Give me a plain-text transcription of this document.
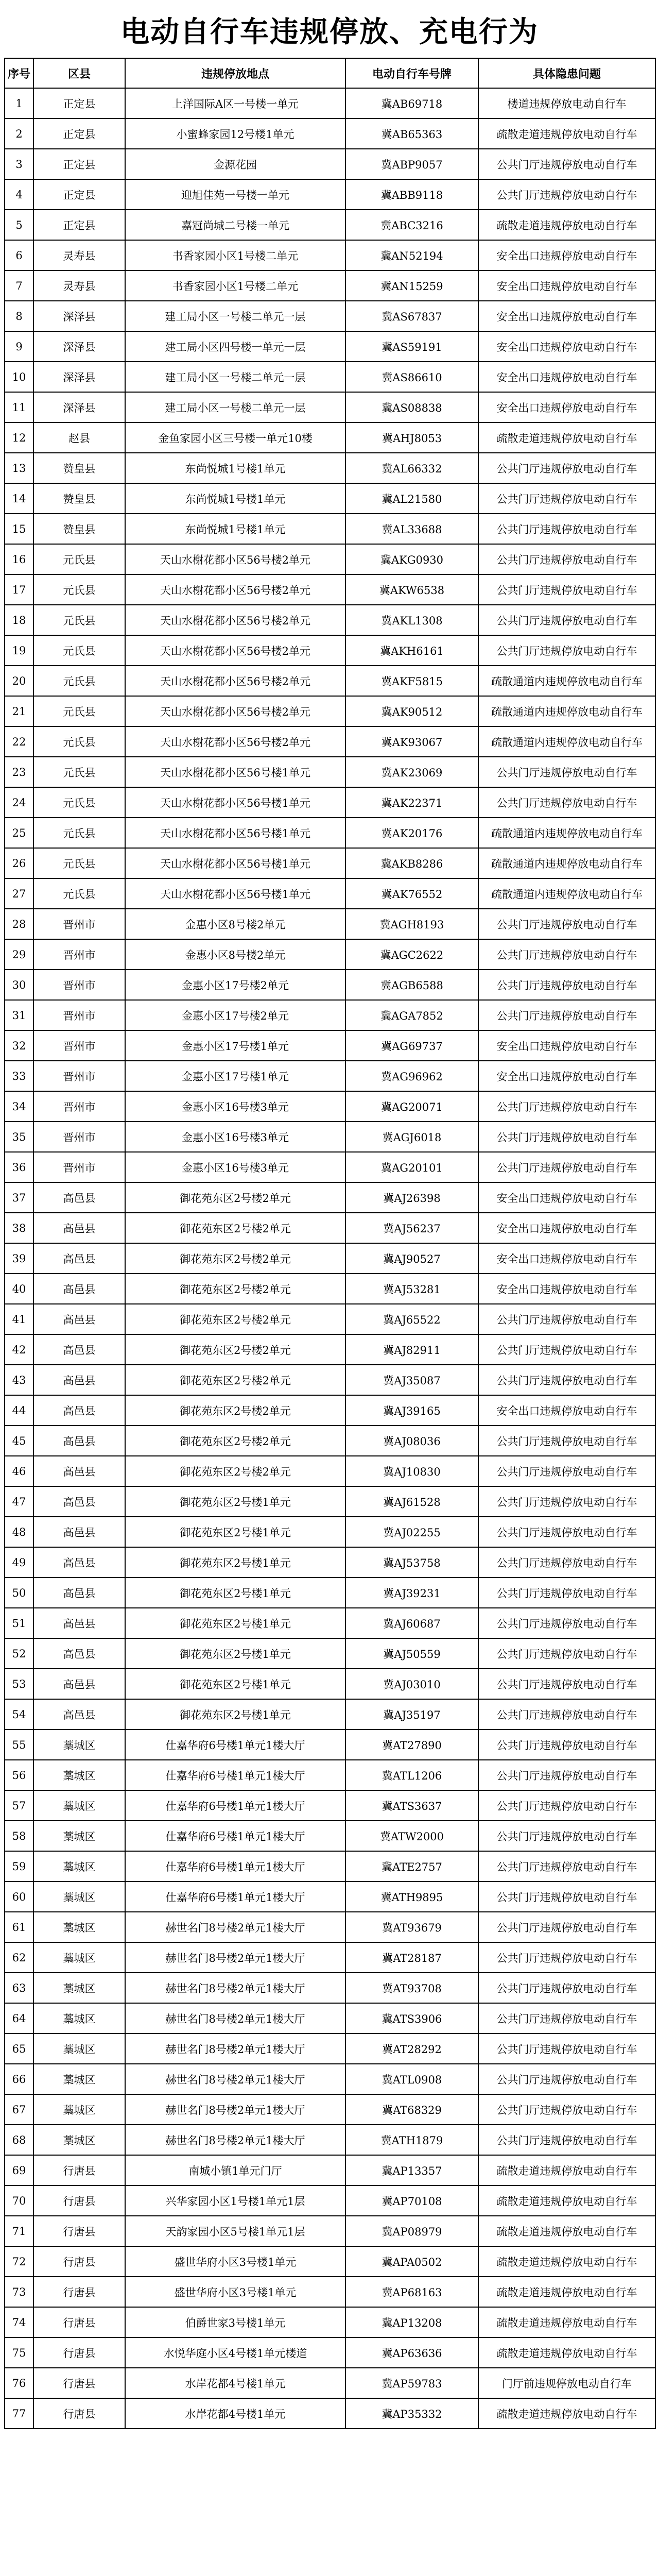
电动自行车违规停放、充电行为
序号	区县	违规停放地点	电动自行车号牌	具体隐患问题
1	正定县	上洋国际A区一号楼一单元	冀AB69718	楼道违规停放电动自行车
2	正定县	小蜜蜂家园12号楼1单元	冀AB65363	疏散走道违规停放电动自行车
3	正定县	金源花园	冀ABP9057	公共门厅违规停放电动自行车
4	正定县	迎旭佳苑一号楼一单元	冀ABB9118	公共门厅违规停放电动自行车
5	正定县	嘉冠尚城二号楼一单元	冀ABC3216	疏散走道违规停放电动自行车
6	灵寿县	书香家园小区1号楼二单元	冀AN52194	安全出口违规停放电动自行车
7	灵寿县	书香家园小区1号楼二单元	冀AN15259	安全出口违规停放电动自行车
8	深泽县	建工局小区一号楼二单元一层	冀AS67837	安全出口违规停放电动自行车
9	深泽县	建工局小区四号楼一单元一层	冀AS59191	安全出口违规停放电动自行车
10	深泽县	建工局小区一号楼二单元一层	冀AS86610	安全出口违规停放电动自行车
11	深泽县	建工局小区一号楼二单元一层	冀AS08838	安全出口违规停放电动自行车
12	赵县	金鱼家园小区三号楼一单元10楼	冀AHJ8053	疏散走道违规停放电动自行车
13	赞皇县	东尚悦城1号楼1单元	冀AL66332	公共门厅违规停放电动自行车
14	赞皇县	东尚悦城1号楼1单元	冀AL21580	公共门厅违规停放电动自行车
15	赞皇县	东尚悦城1号楼1单元	冀AL33688	公共门厅违规停放电动自行车
16	元氏县	天山水榭花都小区56号楼2单元	冀AKG0930	公共门厅违规停放电动自行车
17	元氏县	天山水榭花都小区56号楼2单元	冀AKW6538	公共门厅违规停放电动自行车
18	元氏县	天山水榭花都小区56号楼2单元	冀AKL1308	公共门厅违规停放电动自行车
19	元氏县	天山水榭花都小区56号楼2单元	冀AKH6161	公共门厅违规停放电动自行车
20	元氏县	天山水榭花都小区56号楼2单元	冀AKF5815	疏散通道内违规停放电动自行车
21	元氏县	天山水榭花都小区56号楼2单元	冀AK90512	疏散通道内违规停放电动自行车
22	元氏县	天山水榭花都小区56号楼2单元	冀AK93067	疏散通道内违规停放电动自行车
23	元氏县	天山水榭花都小区56号楼1单元	冀AK23069	公共门厅违规停放电动自行车
24	元氏县	天山水榭花都小区56号楼1单元	冀AK22371	公共门厅违规停放电动自行车
25	元氏县	天山水榭花都小区56号楼1单元	冀AK20176	疏散通道内违规停放电动自行车
26	元氏县	天山水榭花都小区56号楼1单元	冀AKB8286	疏散通道内违规停放电动自行车
27	元氏县	天山水榭花都小区56号楼1单元	冀AK76552	疏散通道内违规停放电动自行车
28	晋州市	金惠小区8号楼2单元	冀AGH8193	公共门厅违规停放电动自行车
29	晋州市	金惠小区8号楼2单元	冀AGC2622	公共门厅违规停放电动自行车
30	晋州市	金惠小区17号楼2单元	冀AGB6588	公共门厅违规停放电动自行车
31	晋州市	金惠小区17号楼2单元	冀AGA7852	公共门厅违规停放电动自行车
32	晋州市	金惠小区17号楼1单元	冀AG69737	安全出口违规停放电动自行车
33	晋州市	金惠小区17号楼1单元	冀AG96962	安全出口违规停放电动自行车
34	晋州市	金惠小区16号楼3单元	冀AG20071	公共门厅违规停放电动自行车
35	晋州市	金惠小区16号楼3单元	冀AGJ6018	公共门厅违规停放电动自行车
36	晋州市	金惠小区16号楼3单元	冀AG20101	公共门厅违规停放电动自行车
37	高邑县	御花苑东区2号楼2单元	冀AJ26398	安全出口违规停放电动自行车
38	高邑县	御花苑东区2号楼2单元	冀AJ56237	安全出口违规停放电动自行车
39	高邑县	御花苑东区2号楼2单元	冀AJ90527	安全出口违规停放电动自行车
40	高邑县	御花苑东区2号楼2单元	冀AJ53281	安全出口违规停放电动自行车
41	高邑县	御花苑东区2号楼2单元	冀AJ65522	公共门厅违规停放电动自行车
42	高邑县	御花苑东区2号楼2单元	冀AJ82911	公共门厅违规停放电动自行车
43	高邑县	御花苑东区2号楼2单元	冀AJ35087	公共门厅违规停放电动自行车
44	高邑县	御花苑东区2号楼2单元	冀AJ39165	安全出口违规停放电动自行车
45	高邑县	御花苑东区2号楼2单元	冀AJ08036	公共门厅违规停放电动自行车
46	高邑县	御花苑东区2号楼2单元	冀AJ10830	公共门厅违规停放电动自行车
47	高邑县	御花苑东区2号楼1单元	冀AJ61528	公共门厅违规停放电动自行车
48	高邑县	御花苑东区2号楼1单元	冀AJ02255	公共门厅违规停放电动自行车
49	高邑县	御花苑东区2号楼1单元	冀AJ53758	公共门厅违规停放电动自行车
50	高邑县	御花苑东区2号楼1单元	冀AJ39231	公共门厅违规停放电动自行车
51	高邑县	御花苑东区2号楼1单元	冀AJ60687	公共门厅违规停放电动自行车
52	高邑县	御花苑东区2号楼1单元	冀AJ50559	公共门厅违规停放电动自行车
53	高邑县	御花苑东区2号楼1单元	冀AJ03010	公共门厅违规停放电动自行车
54	高邑县	御花苑东区2号楼1单元	冀AJ35197	公共门厅违规停放电动自行车
55	藁城区	仕嘉华府6号楼1单元1楼大厅	冀AT27890	公共门厅违规停放电动自行车
56	藁城区	仕嘉华府6号楼1单元1楼大厅	冀ATL1206	公共门厅违规停放电动自行车
57	藁城区	仕嘉华府6号楼1单元1楼大厅	冀ATS3637	公共门厅违规停放电动自行车
58	藁城区	仕嘉华府6号楼1单元1楼大厅	冀ATW2000	公共门厅违规停放电动自行车
59	藁城区	仕嘉华府6号楼1单元1楼大厅	冀ATE2757	公共门厅违规停放电动自行车
60	藁城区	仕嘉华府6号楼1单元1楼大厅	冀ATH9895	公共门厅违规停放电动自行车
61	藁城区	赫世名门8号楼2单元1楼大厅	冀AT93679	公共门厅违规停放电动自行车
62	藁城区	赫世名门8号楼2单元1楼大厅	冀AT28187	公共门厅违规停放电动自行车
63	藁城区	赫世名门8号楼2单元1楼大厅	冀AT93708	公共门厅违规停放电动自行车
64	藁城区	赫世名门8号楼2单元1楼大厅	冀ATS3906	公共门厅违规停放电动自行车
65	藁城区	赫世名门8号楼2单元1楼大厅	冀AT28292	公共门厅违规停放电动自行车
66	藁城区	赫世名门8号楼2单元1楼大厅	冀ATL0908	公共门厅违规停放电动自行车
67	藁城区	赫世名门8号楼2单元1楼大厅	冀AT68329	公共门厅违规停放电动自行车
68	藁城区	赫世名门8号楼2单元1楼大厅	冀ATH1879	公共门厅违规停放电动自行车
69	行唐县	南城小镇1单元门厅	冀AP13357	疏散走道违规停放电动自行车
70	行唐县	兴华家园小区1号楼1单元1层	冀AP70108	疏散走道违规停放电动自行车
71	行唐县	天韵家园小区5号楼1单元1层	冀AP08979	疏散走道违规停放电动自行车
72	行唐县	盛世华府小区3号楼1单元	冀APA0502	疏散走道违规停放电动自行车
73	行唐县	盛世华府小区3号楼1单元	冀AP68163	疏散走道违规停放电动自行车
74	行唐县	伯爵世家3号楼1单元	冀AP13208	疏散走道违规停放电动自行车
75	行唐县	水悦华庭小区4号楼1单元楼道	冀AP63636	疏散走道违规停放电动自行车
76	行唐县	水岸花都4号楼1单元	冀AP59783	门厅前违规停放电动自行车
77	行唐县	水岸花都4号楼1单元	冀AP35332	疏散走道违规停放电动自行车
